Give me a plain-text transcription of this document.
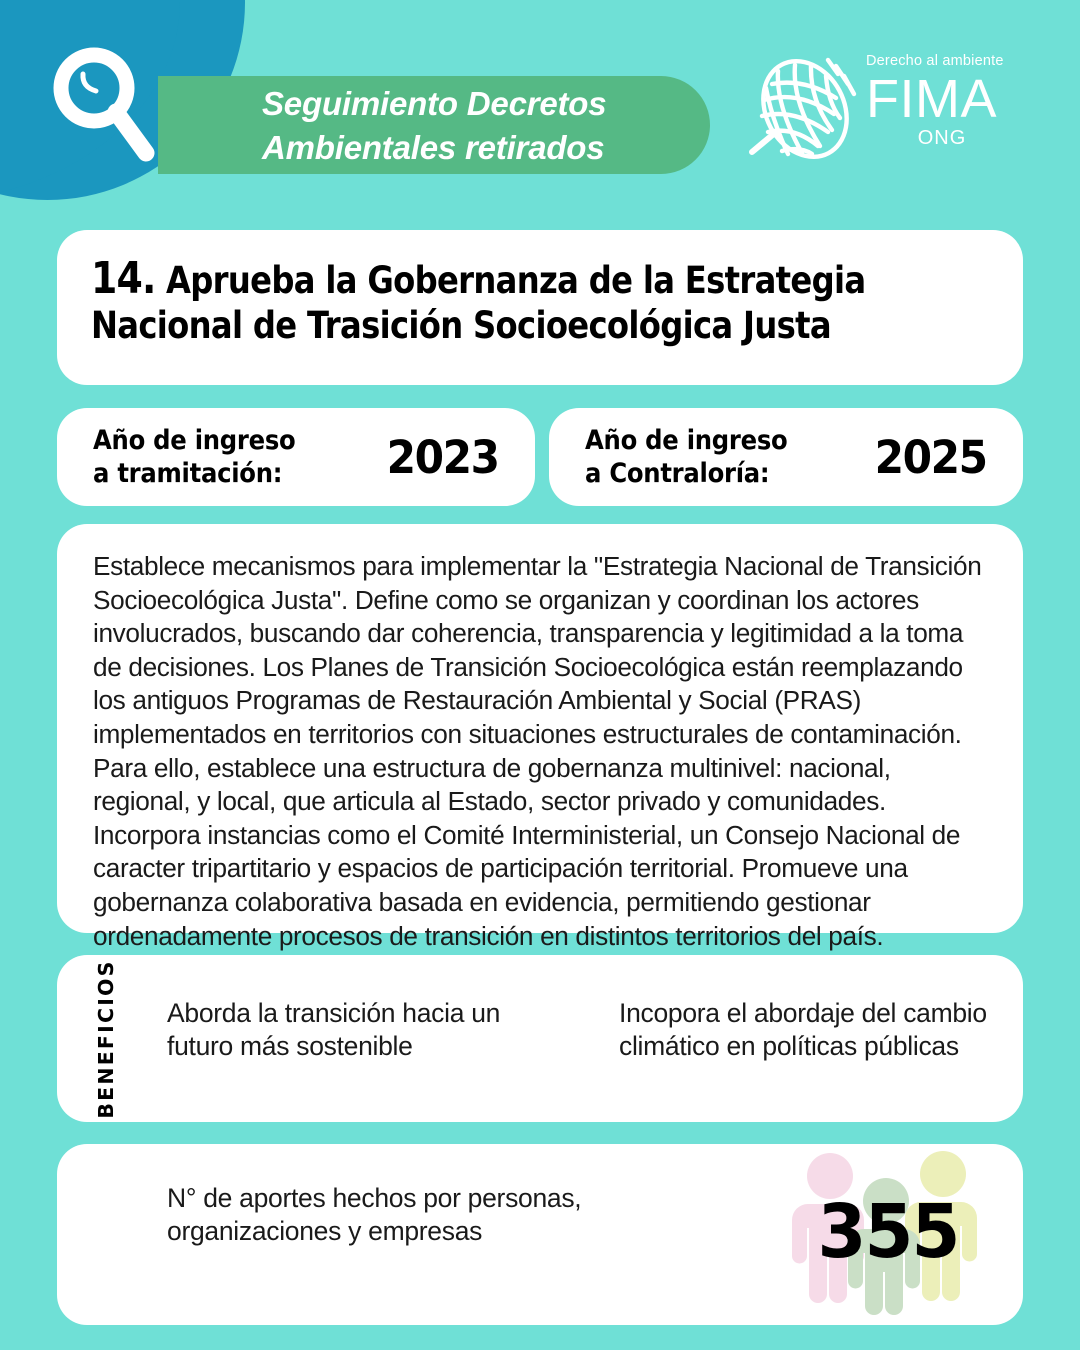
Seguimiento Decretos
Ambientales retirados
Derecho al ambiente
FIMA
ONG
14. Aprueba la Gobernanza de la Estrategia Nacional de Trasición Socioecológica Justa
Año de ingreso
a tramitación: 2023	Año de ingreso
a Contraloría:	2025
Establece mecanismos para implementar la "Estrategia Nacional de Transición Socioecológica Justa". Define como se organizan y coordinan los actores involucrados, buscando dar coherencia, transparencia y legitimidad a la toma de decisiones. Los Planes de Transición Socioecológica están reemplazando los antiguos Programas de Restauración Ambiental y Social (PRAS) implementados en territorios con situaciones estructurales de contaminación. Para ello, establece una estructura de gobernanza multinivel: nacional, regional, y local, que articula al Estado, sector privado y comunidades. Incorpora instancias como el Comité Interministerial, un Consejo Nacional de caracter tripartitario y espacios de participación territorial. Promueve una gobernanza colaborativa basada en evidencia, permitiendo gestionar ordenadamente procesos de transición en distintos territorios del país.
BENEFICIOS Aborda la transición hacia un futuro más sostenible
Incopora el abordaje del cambio climático en políticas públicas
N° de aportes hechos por personas, organizaciones y empresas	355
